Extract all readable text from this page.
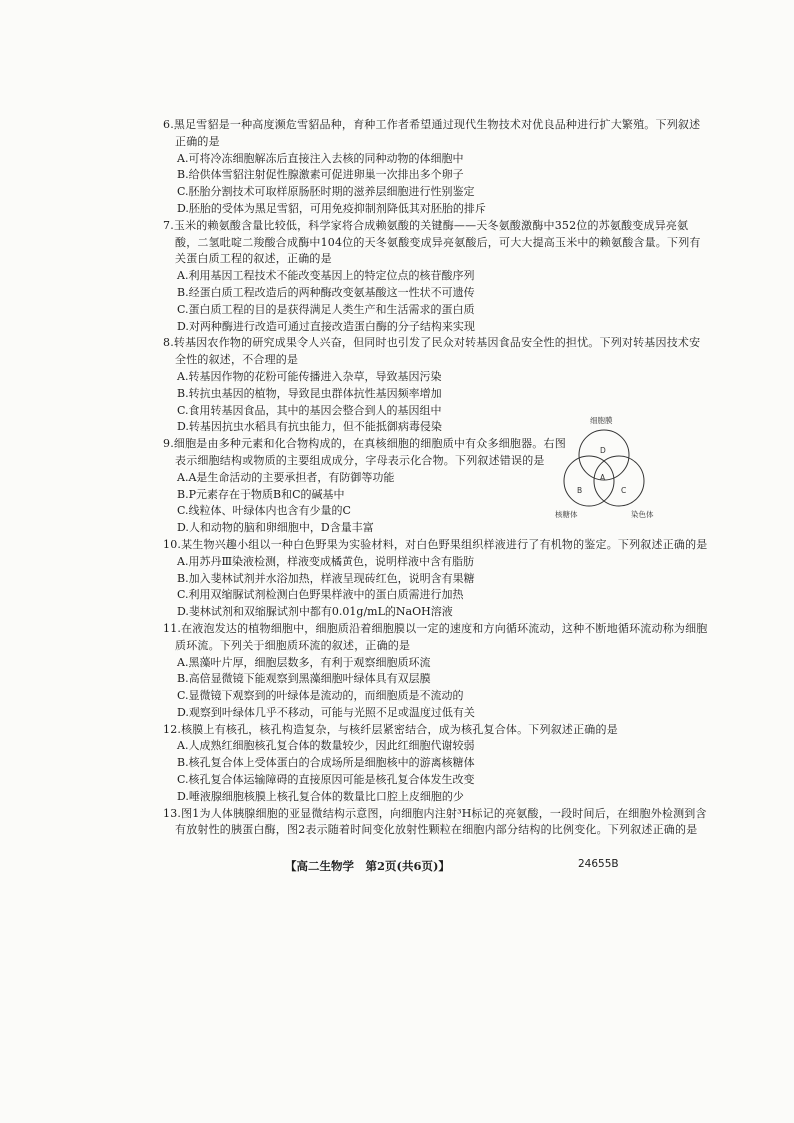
6.黑足雪貂是一种高度濒危雪貂品种，育种工作者希望通过现代生物技术对优良品种进行扩大繁殖。下列叙述正确的是
A.可将冷冻细胞解冻后直接注入去核的同种动物的体细胞中
B.给供体雪貂注射促性腺激素可促进卵巢一次排出多个卵子
C.胚胎分割技术可取样原肠胚时期的滋养层细胞进行性别鉴定
D.胚胎的受体为黑足雪貂，可用免疫抑制剂降低其对胚胎的排斥
7.玉米的赖氨酸含量比较低，科学家将合成赖氨酸的关键酶——天冬氨酸激酶中352位的苏氨酸变成异亮氨酸，二氢吡啶二羧酸合成酶中104位的天冬氨酸变成异亮氨酸后，可大大提高玉米中的赖氨酸含量。下列有关蛋白质工程的叙述，正确的是
A.利用基因工程技术不能改变基因上的特定位点的核苷酸序列
B.经蛋白质工程改造后的两种酶改变氨基酸这一性状不可遗传
C.蛋白质工程的目的是获得满足人类生产和生活需求的蛋白质
D.对两种酶进行改造可通过直接改造蛋白酶的分子结构来实现
8.转基因农作物的研究成果令人兴奋，但同时也引发了民众对转基因食品安全性的担忧。下列对转基因技术安全性的叙述，不合理的是
A.转基因作物的花粉可能传播进入杂草，导致基因污染
B.转抗虫基因的植物，导致昆虫群体抗性基因频率增加
C.食用转基因食品，其中的基因会整合到人的基因组中
D.转基因抗虫水稻具有抗虫能力，但不能抵御病毒侵染
9.细胞是由多种元素和化合物构成的，在真核细胞的细胞质中有众多细胞器。右图表示细胞结构或物质的主要组成成分，字母表示化合物。下列叙述错误的是
A.A是生命活动的主要承担者，有防御等功能
B.P元素存在于物质B和C的碱基中
C.线粒体、叶绿体内也含有少量的C
D.人和动物的脑和卵细胞中，D含量丰富
10.某生物兴趣小组以一种白色野果为实验材料，对白色野果组织样液进行了有机物的鉴定。下列叙述正确的是
A.用苏丹Ⅲ染液检测，样液变成橘黄色，说明样液中含有脂肪
B.加入斐林试剂并水浴加热，样液呈现砖红色，说明含有果糖
C.利用双缩脲试剂检测白色野果样液中的蛋白质需进行加热
D.斐林试剂和双缩脲试剂中都有0.01g/mL的NaOH溶液
11.在液泡发达的植物细胞中，细胞质沿着细胞膜以一定的速度和方向循环流动，这种不断地循环流动称为细胞质环流。下列关于细胞质环流的叙述，正确的是
A.黑藻叶片厚，细胞层数多，有利于观察细胞质环流
B.高倍显微镜下能观察到黑藻细胞叶绿体具有双层膜
C.显微镜下观察到的叶绿体是流动的，而细胞质是不流动的
D.观察到叶绿体几乎不移动，可能与光照不足或温度过低有关
12.核膜上有核孔，核孔构造复杂，与核纤层紧密结合，成为核孔复合体。下列叙述正确的是
A.人成熟红细胞核孔复合体的数量较少，因此红细胞代谢较弱
B.核孔复合体上受体蛋白的合成场所是细胞核中的游离核糖体
C.核孔复合体运输障碍的直接原因可能是核孔复合体发生改变
D.唾液腺细胞核膜上核孔复合体的数量比口腔上皮细胞的少
13.图1为人体胰腺细胞的亚显微结构示意图，向细胞内注射³H标记的亮氨酸，一段时间后，在细胞外检测到含有放射性的胰蛋白酶，图2表示随着时间变化放射性颗粒在细胞内部分结构的比例变化。下列叙述正确的是
细胞膜
核糖体	染色体
D
A
B	C
【高二生物学　第2页(共6页)】	24655B
